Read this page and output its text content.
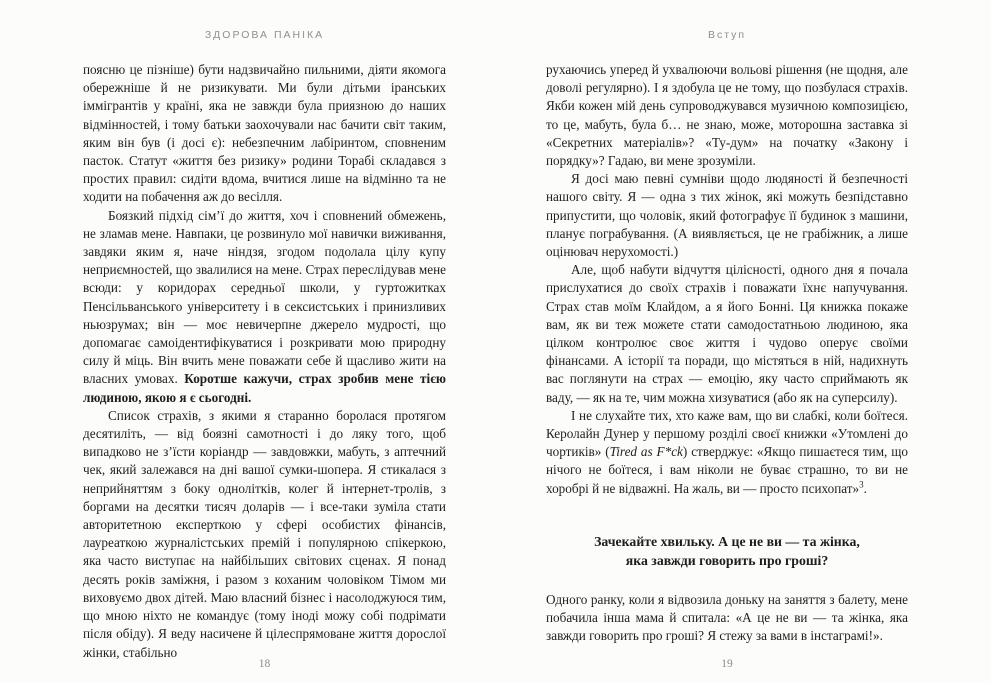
ЗДОРОВА ПАНІКА

поясню це пізніше) бути надзвичайно пильними, діяти якомога обережніше й не ризикувати. Ми були дітьми іранських іммігрантів у країні, яка не завжди була приязною до наших відмінностей, і тому батьки заохочували нас бачити світ таким, яким він був (і досі є): небезпечним лабіринтом, сповненим пасток. Статут «життя без ризику» родини Торабі складався з простих правил: сидіти вдома, вчитися лише на відмінно та не ходити на побачення аж до весілля.

Боязкий підхід сім’ї до життя, хоч і сповнений обмежень, не зламав мене. Навпаки, це розвинуло мої навички виживання, завдяки яким я, наче ніндзя, згодом подолала цілу купу неприємностей, що звалилися на мене. Страх переслідував мене всюди: у коридорах середньої школи, у гуртожитках Пенсільванського університету і в сексистських і принизливих ньюзрумах; він — моє невичерпне джерело мудрості, що допомагає самоідентифікуватися і розкривати мою природну силу й міць. Він вчить мене поважати себе й щасливо жити на власних умовах. Коротше кажучи, страх зробив мене тією людиною, якою я є сьогодні.

Список страхів, з якими я старанно боролася протягом десятиліть, — від боязні самотності і до ляку того, щоб випадково не з’їсти коріандр — завдовжки, мабуть, з аптечний чек, який залежався на дні вашої сумки-шопера. Я стикалася з неприйняттям з боку однолітків, колег й інтернет-тролів, з боргами на десятки тисяч доларів — і все-таки зуміла стати авторитетною експерткою у сфері особистих фінансів, лауреаткою журналістських премій і популярною спікеркою, яка часто виступає на найбільших світових сценах. Я понад десять років заміжня, і разом з коханим чоловіком Тімом ми виховуємо двох дітей. Маю власний бізнес і насолоджуюся тим, що мною ніхто не командує (тому іноді можу собі подрімати після обіду). Я веду насичене й цілеспрямоване життя дорослої жінки, стабільно

18
Вступ

рухаючись уперед й ухвалюючи вольові рішення (не щодня, але доволі регулярно). І я здобула це не тому, що позбулася страхів. Якби кожен мій день супроводжувався музичною композицією, то це, мабуть, була б… не знаю, може, моторошна заставка зі «Секретних матеріалів»? «Ту-дум» на початку «Закону і порядку»? Гадаю, ви мене зрозуміли.

Я досі маю певні сумніви щодо людяності й безпечності нашого світу. Я — одна з тих жінок, які можуть безпідставно припустити, що чоловік, який фотографує її будинок з машини, планує пограбування. (А виявляється, це не грабіжник, а лише оцінювач нерухомості.)

Але, щоб набути відчуття цілісності, одного дня я почала прислухатися до своїх страхів і поважати їхнє напучування. Страх став моїм Клайдом, а я його Бонні. Ця книжка покаже вам, як ви теж можете стати самодостатньою людиною, яка цілком контролює своє життя і чудово оперує своїми фінансами. А історії та поради, що містяться в ній, надихнуть вас поглянути на страх — емоцію, яку часто сприймають як ваду, — як на те, чим можна хизуватися (або як на суперсилу).

І не слухайте тих, хто каже вам, що ви слабкі, коли боїтеся. Керолайн Дунер у першому розділі своєї книжки «Утомлені до чортиків» (Tired as F*ck) стверджує: «Якщо пишаєтеся тим, що нічого не боїтеся, і вам ніколи не буває страшно, то ви не хоробрі й не відважні. На жаль, ви — просто психопат»$^3$.

Зачекайте хвильку. А це не ви — та жінка,
яка завжди говорить про гроші?

Одного ранку, коли я відвозила доньку на заняття з балету, мене побачила інша мама й спитала: «А це не ви — та жінка, яка завжди говорить про гроші? Я стежу за вами в інстаграмі!».

19
